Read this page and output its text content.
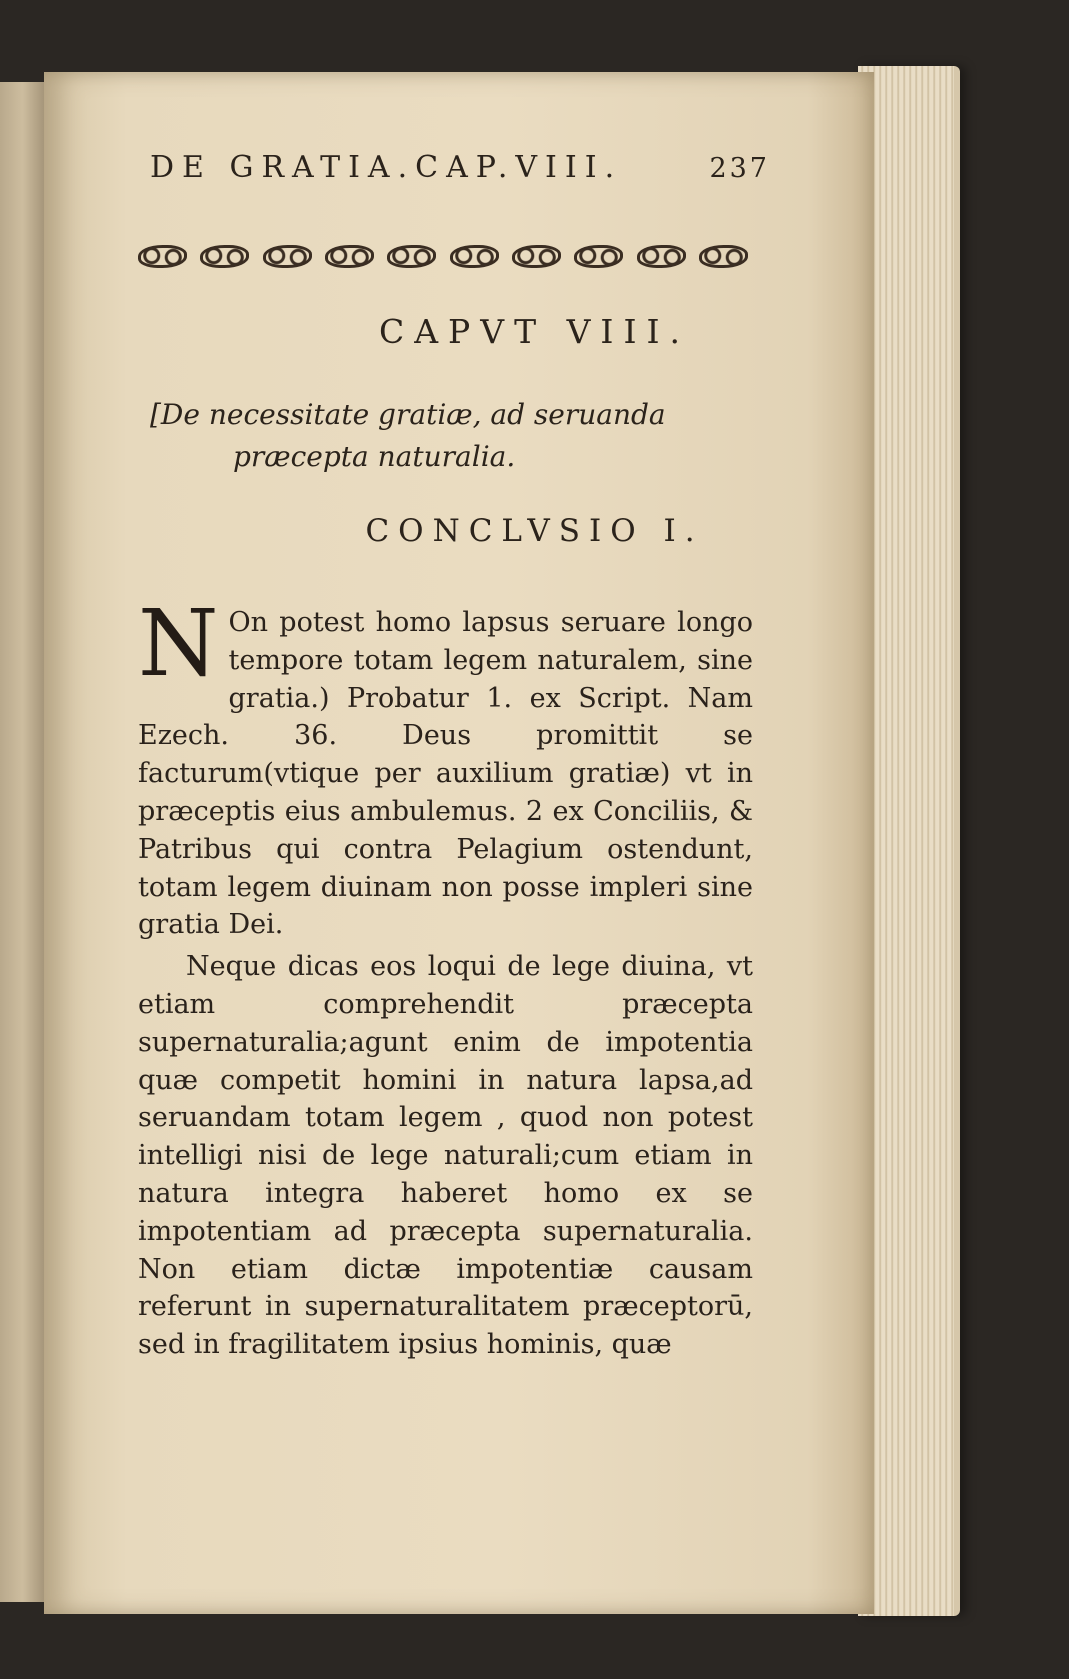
DE GRATIA.CAP.VIII.	237
CAPVT VIII.
[De necessitate gratiæ, ad seruanda
præcepta naturalia.
CONCLVSIO I.

N On potest homo lapsus seruare longo tempore totam legem naturalem, sine gratia.) Probatur 1. ex Script. Nam Ezech. 36. Deus promittit se facturum(vtique per auxilium gratiæ) vt in præceptis eius ambulemus. 2 ex Conciliis, & Patribus qui contra Pelagium ostendunt, totam legem diuinam non posse impleri sine gratia Dei.

Neque dicas eos loqui de lege diuina, vt etiam comprehendit præcepta supernaturalia;agunt enim de impotentia quæ competit homini in natura lapsa,ad seruandam totam legem , quod non potest intelligi nisi de lege naturali;cum etiam in natura integra haberet homo ex se impotentiam ad præcepta supernaturalia. Non etiam dictæ impotentiæ causam referunt in supernaturalitatem præceptorū, sed in fragilitatem ipsius hominis, quæ
